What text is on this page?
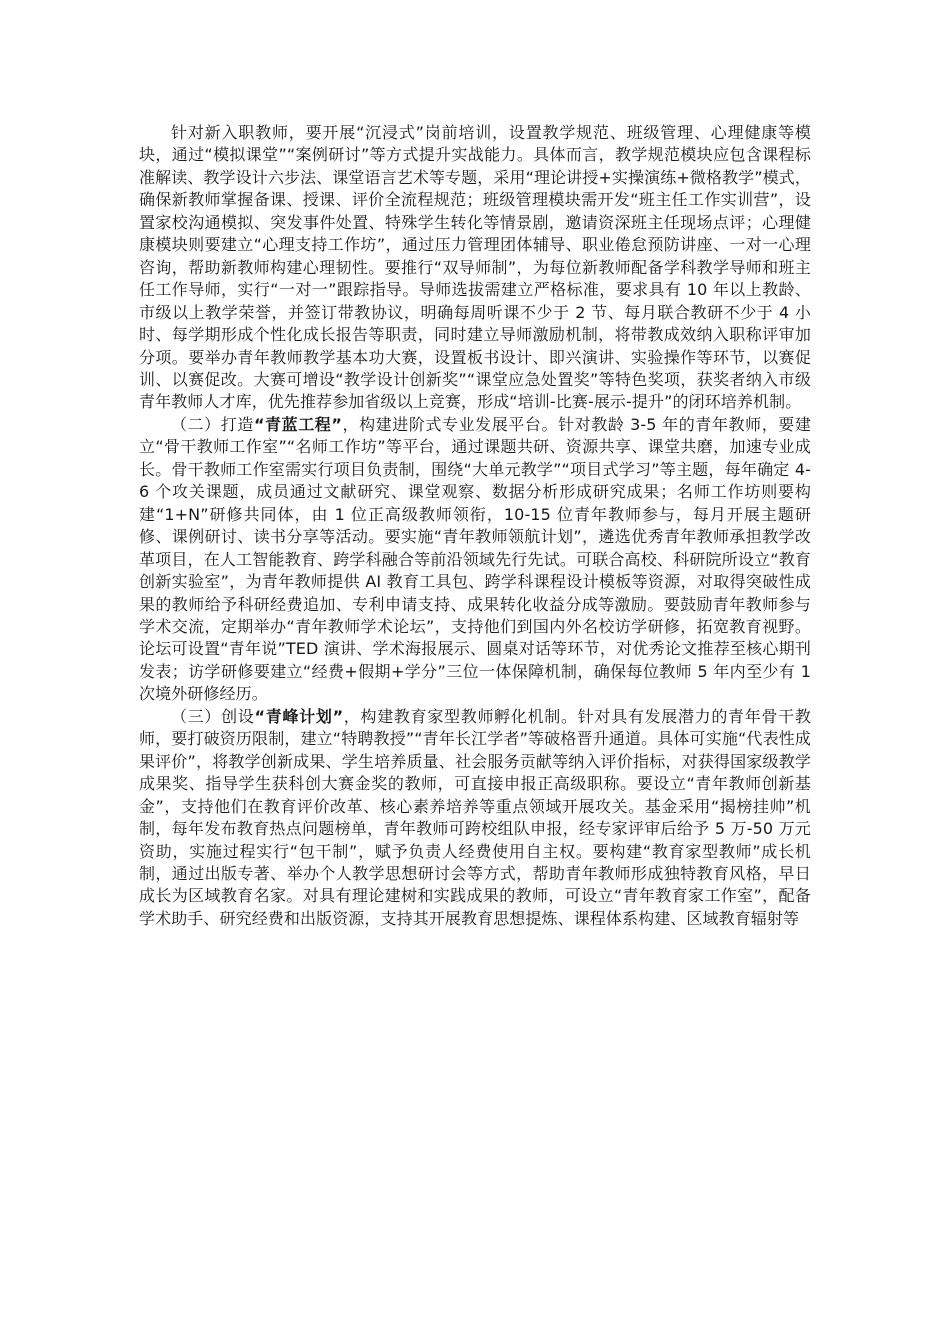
针对新入职教师，要开展“沉浸式”岗前培训，设置教学规范、班级管理、心理健康等模块，通过“模拟课堂”“案例研讨”等方式提升实战能力。具体而言，教学规范模块应包含课程标准解读、教学设计六步法、课堂语言艺术等专题，采用“理论讲授+实操演练+微格教学”模式，确保新教师掌握备课、授课、评价全流程规范；班级管理模块需开发“班主任工作实训营”，设置家校沟通模拟、突发事件处置、特殊学生转化等情景剧，邀请资深班主任现场点评；心理健康模块则要建立“心理支持工作坊”，通过压力管理团体辅导、职业倦怠预防讲座、一对一心理咨询，帮助新教师构建心理韧性。要推行“双导师制”，为每位新教师配备学科教学导师和班主任工作导师，实行“一对一”跟踪指导。导师选拔需建立严格标准，要求具有 10 年以上教龄、市级以上教学荣誉，并签订带教协议，明确每周听课不少于 2 节、每月联合教研不少于 4 小时、每学期形成个性化成长报告等职责，同时建立导师激励机制，将带教成效纳入职称评审加分项。要举办青年教师教学基本功大赛，设置板书设计、即兴演讲、实验操作等环节，以赛促训、以赛促改。大赛可增设“教学设计创新奖”“课堂应急处置奖”等特色奖项，获奖者纳入市级青年教师人才库，优先推荐参加省级以上竞赛，形成“培训-比赛-展示-提升”的闭环培养机制。

（二）打造“青蓝工程”，构建进阶式专业发展平台。针对教龄 3-5 年的青年教师，要建立“骨干教师工作室”“名师工作坊”等平台，通过课题共研、资源共享、课堂共磨，加速专业成长。骨干教师工作室需实行项目负责制，围绕“大单元教学”“项目式学习”等主题，每年确定 4-6 个攻关课题，成员通过文献研究、课堂观察、数据分析形成研究成果；名师工作坊则要构建“1+N”研修共同体，由 1 位正高级教师领衔，10-15 位青年教师参与，每月开展主题研修、课例研讨、读书分享等活动。要实施“青年教师领航计划”，遴选优秀青年教师承担教学改革项目，在人工智能教育、跨学科融合等前沿领域先行先试。可联合高校、科研院所设立“教育创新实验室”，为青年教师提供 AI 教育工具包、跨学科课程设计模板等资源，对取得突破性成果的教师给予科研经费追加、专利申请支持、成果转化收益分成等激励。要鼓励青年教师参与学术交流，定期举办“青年教师学术论坛”，支持他们到国内外名校访学研修，拓宽教育视野。论坛可设置“青年说”TED 演讲、学术海报展示、圆桌对话等环节，对优秀论文推荐至核心期刊发表；访学研修要建立“经费+假期+学分”三位一体保障机制，确保每位教师 5 年内至少有 1 次境外研修经历。

（三）创设“青峰计划”，构建教育家型教师孵化机制。针对具有发展潜力的青年骨干教师，要打破资历限制，建立“特聘教授”“青年长江学者”等破格晋升通道。具体可实施“代表性成果评价”，将教学创新成果、学生培养质量、社会服务贡献等纳入评价指标，对获得国家级教学成果奖、指导学生获科创大赛金奖的教师，可直接申报正高级职称。要设立“青年教师创新基金”，支持他们在教育评价改革、核心素养培养等重点领域开展攻关。基金采用“揭榜挂帅”机制，每年发布教育热点问题榜单，青年教师可跨校组队申报，经专家评审后给予 5 万-50 万元资助，实施过程实行“包干制”，赋予负责人经费使用自主权。要构建“教育家型教师”成长机制，通过出版专著、举办个人教学思想研讨会等方式，帮助青年教师形成独特教育风格，早日成长为区域教育名家。对具有理论建树和实践成果的教师，可设立“青年教育家工作室”，配备学术助手、研究经费和出版资源，支持其开展教育思想提炼、课程体系构建、区域教育辐射等
